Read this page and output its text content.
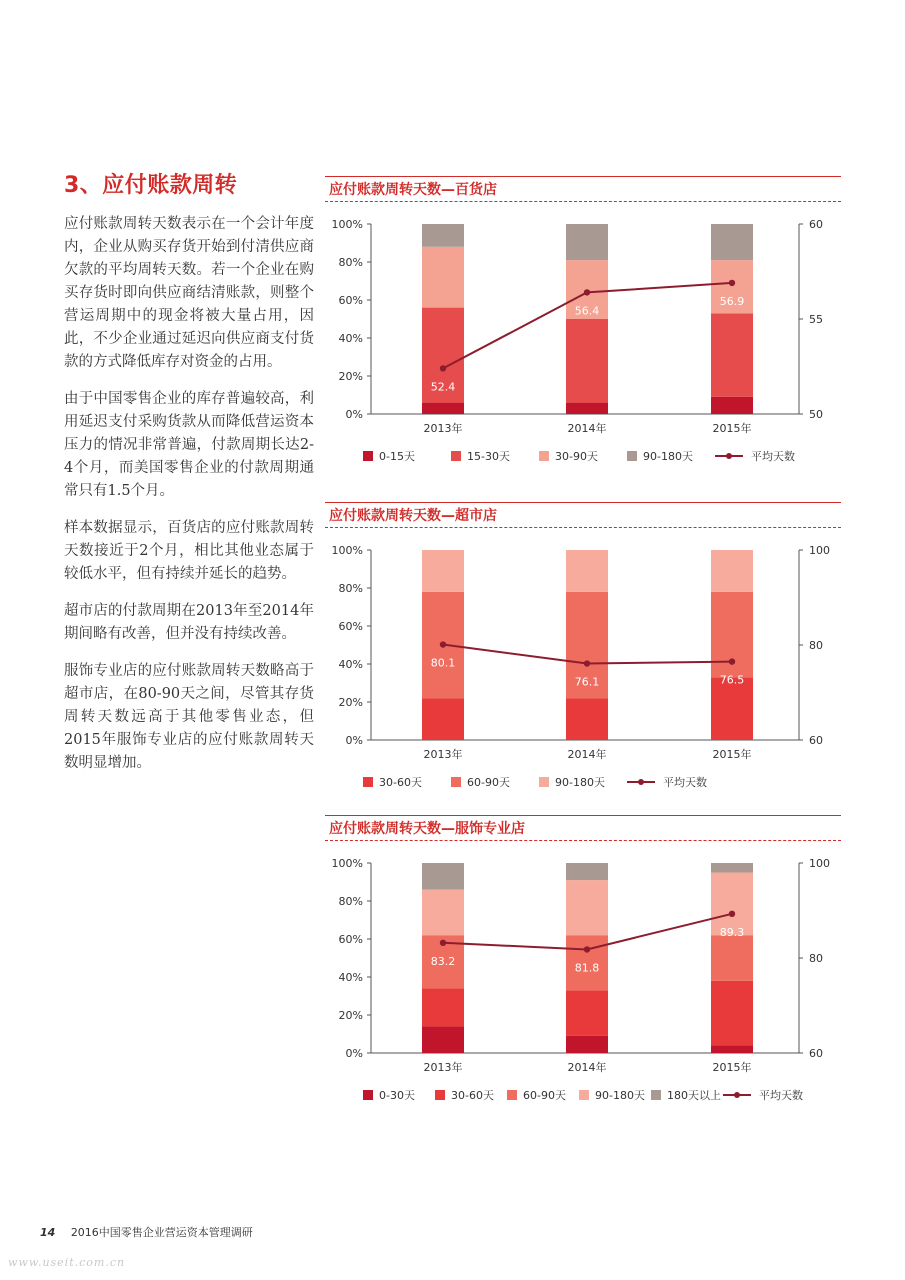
3、应付账款周转

应付账款周转天数表示在一个会计年度内，企业从购买存货开始到付清供应商欠款的平均周转天数。若一个企业在购买存货时即向供应商结清账款，则整个营运周期中的现金将被大量占用，因此，不少企业通过延迟向供应商支付货款的方式降低库存对资金的占用。

由于中国零售企业的库存普遍较高，利用延迟支付采购货款从而降低营运资本压力的情况非常普遍，付款周期长达2-4个月，而美国零售企业的付款周期通常只有1.5个月。

样本数据显示，百货店的应付账款周转天数接近于2个月，相比其他业态属于较低水平，但有持续并延长的趋势。

超市店的付款周期在2013年至2014年期间略有改善，但并没有持续改善。

服饰专业店的应付账款周转天数略高于超市店，在80-90天之间，尽管其存货周转天数远高于其他零售业态，但2015年服饰专业店的应付账款周转天数明显增加。

应付账款周转天数—百货店
0%
20%
40%
60%
80%
100%
50
55
60
2013年	2014年	2015年
52.4
56.4
56.9
0-15天	15-30天	30-90天	90-180天	平均天数
应付账款周转天数—超市店
0%
20%
40%
60%
80%
100%
60
80
100
2013年	2014年	2015年
80.1
76.1	76.5
30-60天	60-90天	90-180天	平均天数
应付账款周转天数—服饰专业店
0%
20%
40%
60%
80%
100%
60
80
100
2013年	2014年	2015年
83.2
81.8
89.3
0-30天	30-60天	60-90天	90-180天 180天以上	平均天数
14 2016中国零售企业营运资本管理调研
www.useit.com.cn
